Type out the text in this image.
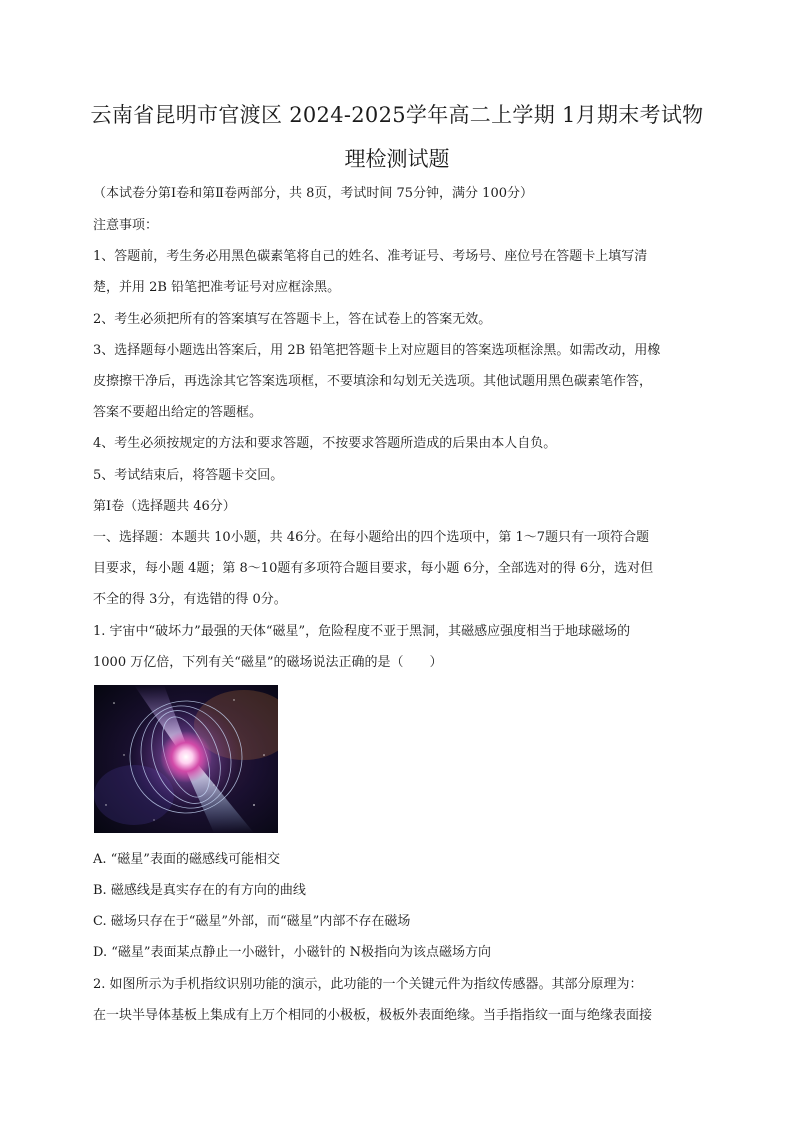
云南省昆明市官渡区 2024-2025学年高二上学期 1月期末考试物
理检测试题
（本试卷分第Ⅰ卷和第Ⅱ卷两部分，共 8页，考试时间 75分钟，满分 100分）
注意事项：
1、答题前，考生务必用黑色碳素笔将自己的姓名、准考证号、考场号、座位号在答题卡上填写清
楚，并用 2B 铅笔把准考证号对应框涂黑。
2、考生必须把所有的答案填写在答题卡上，答在试卷上的答案无效。
3、选择题每小题选出答案后，用 2B 铅笔把答题卡上对应题目的答案选项框涂黑。如需改动，用橡
皮擦擦干净后，再选涂其它答案选项框，不要填涂和勾划无关选项。其他试题用黑色碳素笔作答，
答案不要超出给定的答题框。
4、考生必须按规定的方法和要求答题，不按要求答题所造成的后果由本人自负。
5、考试结束后，将答题卡交回。
第Ⅰ卷（选择题共 46分）
一、选择题：本题共 10小题，共 46分。在每小题给出的四个选项中，第 1～7题只有一项符合题
目要求，每小题 4题；第 8～10题有多项符合题目要求，每小题 6分，全部选对的得 6分，选对但
不全的得 3分，有选错的得 0分。
1. 宇宙中“破坏力”最强的天体“磁星”，危险程度不亚于黑洞，其磁感应强度相当于地球磁场的
1000 万亿倍，下列有关“磁星”的磁场说法正确的是（　　）
A. “磁星”表面的磁感线可能相交
B. 磁感线是真实存在的有方向的曲线
C. 磁场只存在于“磁星”外部，而“磁星”内部不存在磁场
D. “磁星”表面某点静止一小磁针，小磁针的 N极指向为该点磁场方向
2. 如图所示为手机指纹识别功能的演示，此功能的一个关键元件为指纹传感器。其部分原理为：
在一块半导体基板上集成有上万个相同的小极板，极板外表面绝缘。当手指指纹一面与绝缘表面接
